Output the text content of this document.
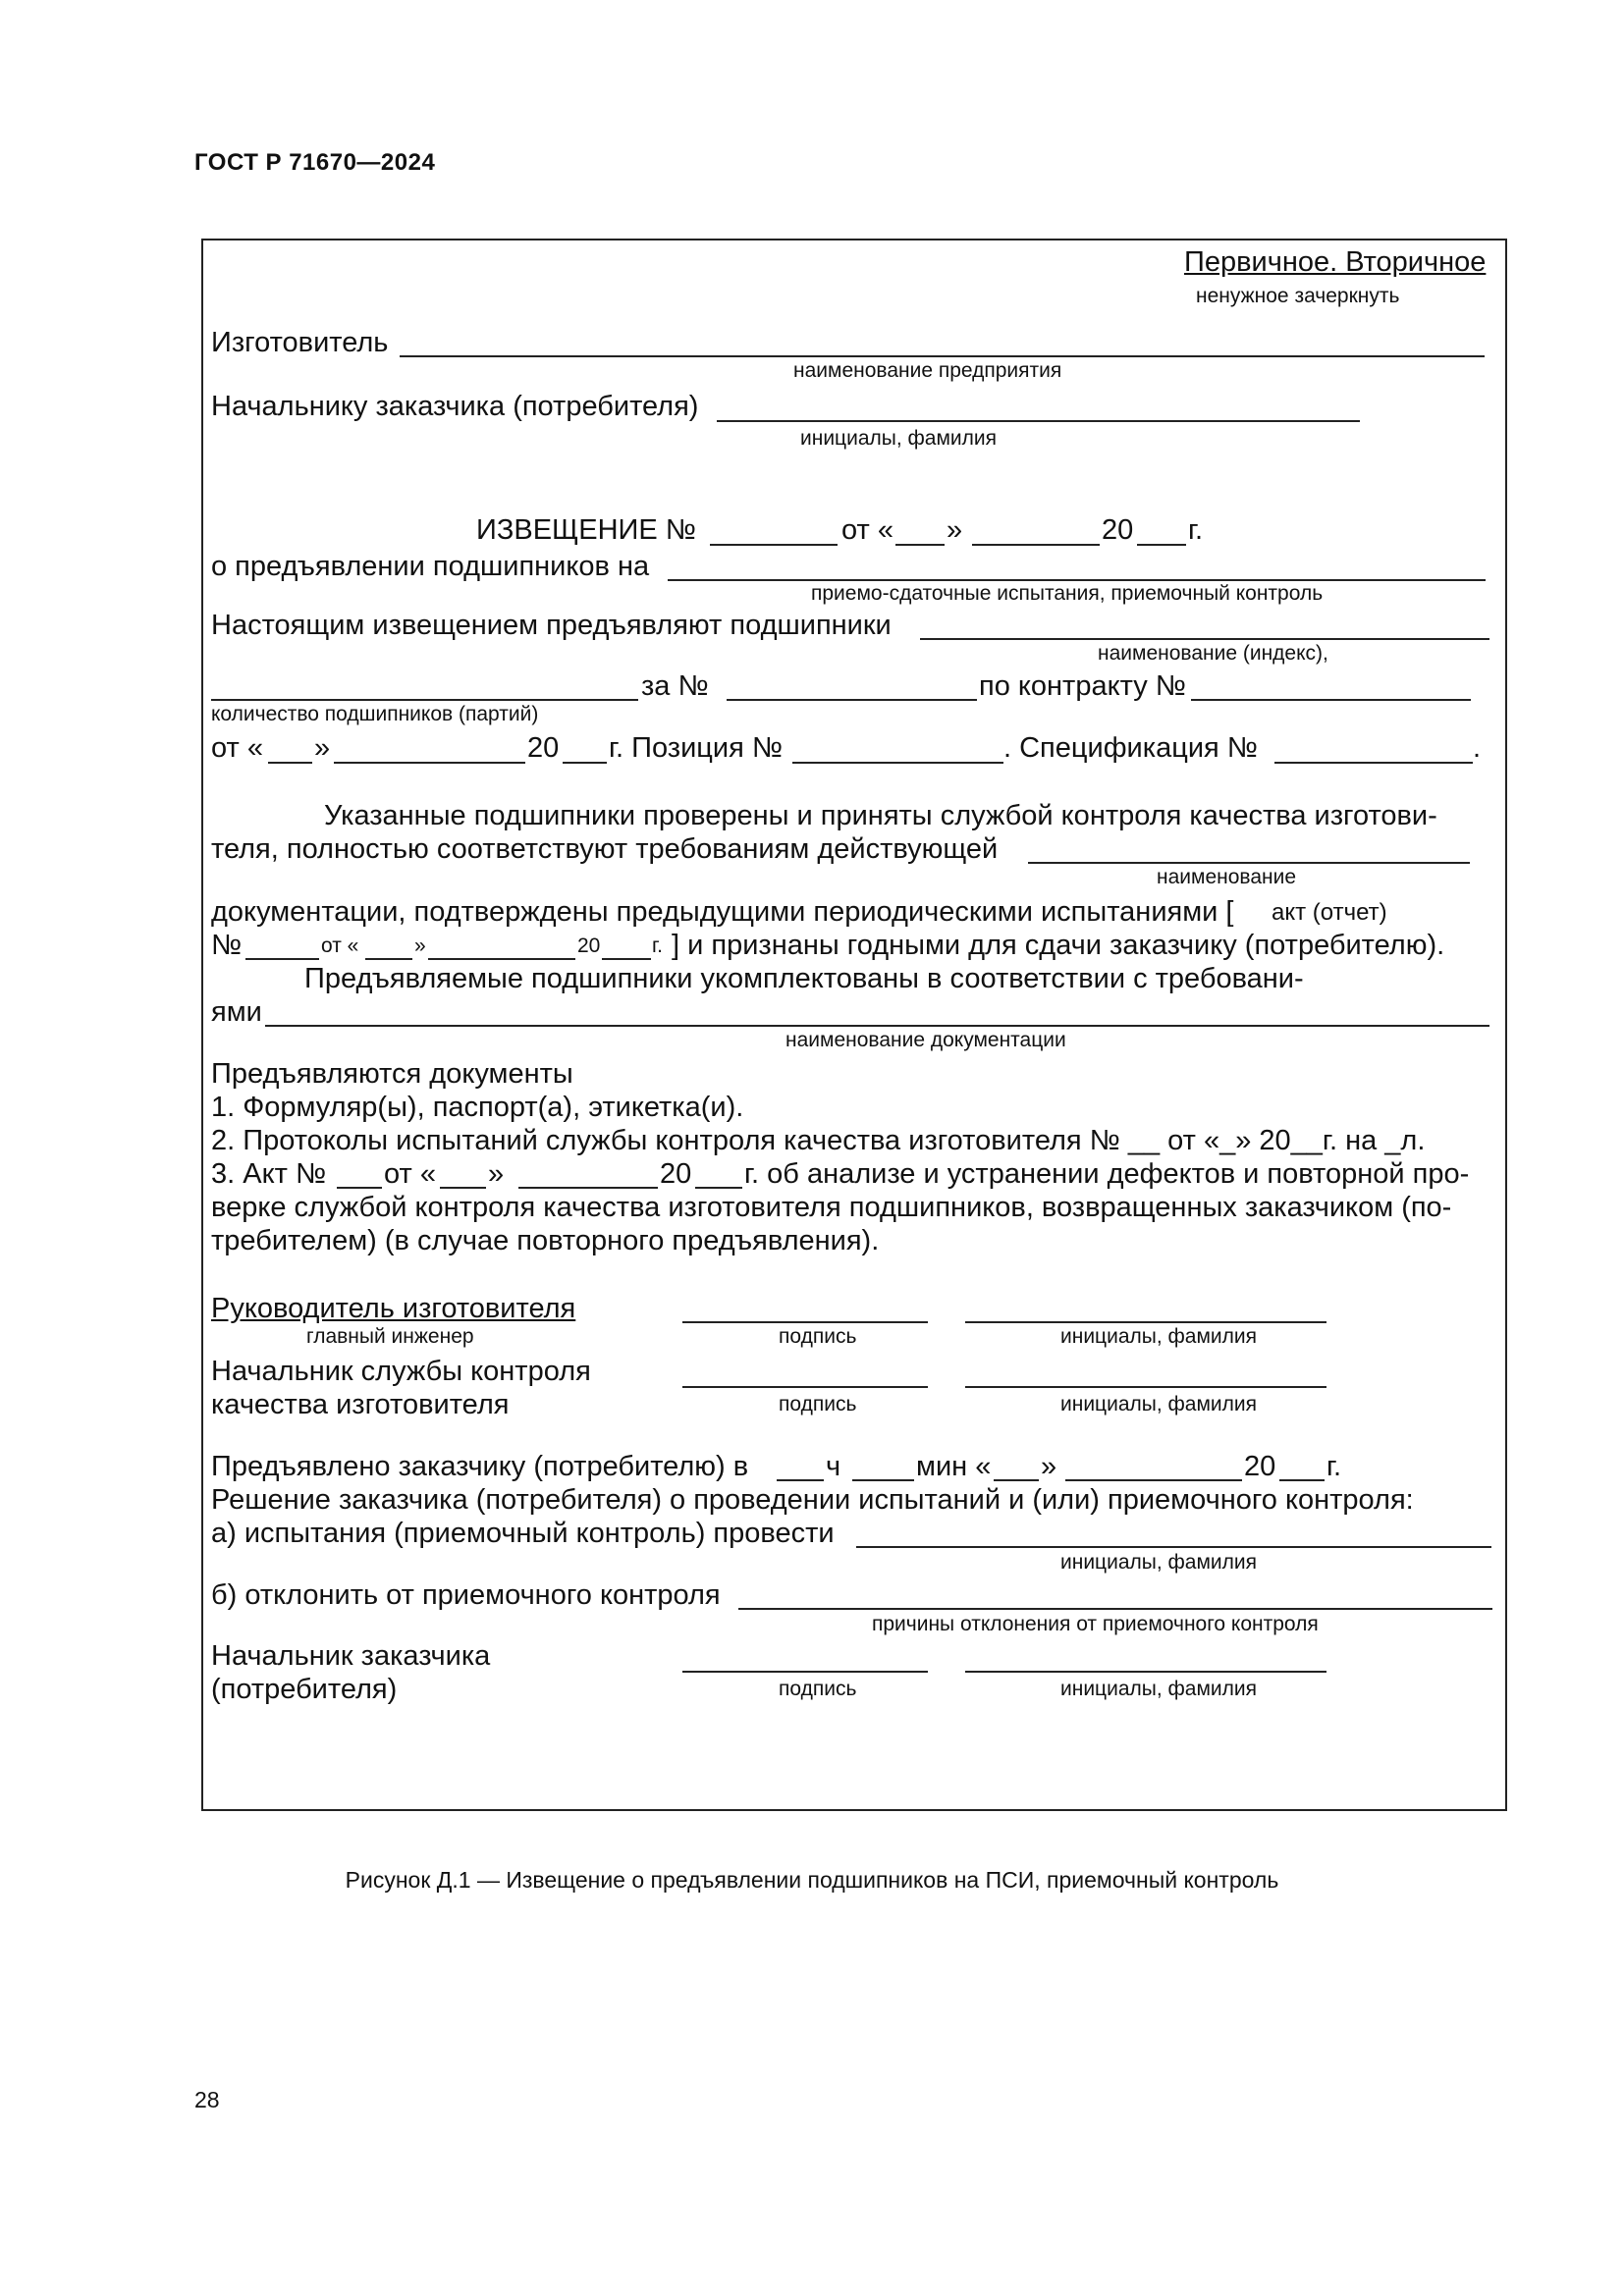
ГОСТ Р 71670—2024
Первичное. Вторичное
ненужное зачеркнуть
Изготовитель
наименование предприятия
Начальнику заказчика (потребителя)
инициалы, фамилия
ИЗВЕЩЕНИЕ №	от « »	20 г.
о предъявлении подшипников на
приемо-сдаточные испытания, приемочный контроль
Настоящим извещением предъявляют подшипники
наименование (индекс),
за №	по контракту №
количество подшипников (партий)
от « »	20 г. Позиция №	. Спецификация №	.
Указанные подшипники проверены и приняты службой контроля качества изготови-
теля, полностью соответствуют требованиям действующей
наименование
документации, подтверждены предыдущими периодическими испытаниями [ акт (отчет)
№	от «	»	20	г. ] и признаны годными для сдачи заказчику (потребителю).
Предъявляемые подшипники укомплектованы в соответствии с требовани-
ями
наименование документации
Предъявляются документы
1. Формуляр(ы), паспорт(а), этикетка(и).
2. Протоколы испытаний службы контроля качества изготовителя № __ от «_» 20__г. на _л.
3. Акт № от « »	20 г. об анализе и устранении дефектов и повторной про-
верке службой контроля качества изготовителя подшипников, возвращенных заказчиком (по-
требителем) (в случае повторного предъявления).
Руководитель изготовителя
главный инженер	подпись	инициалы, фамилия
Начальник службы контроля
качества изготовителя	подпись	инициалы, фамилия
Предъявлено заказчику (потребителю) в	ч	мин « »	20 г.
Решение заказчика (потребителя) о проведении испытаний и (или) приемочного контроля:
а) испытания (приемочный контроль) провести
инициалы, фамилия
б) отклонить от приемочного контроля
причины отклонения от приемочного контроля
Начальник заказчика
(потребителя)	подпись	инициалы, фамилия
Рисунок Д.1 — Извещение о предъявлении подшипников на ПСИ, приемочный контроль
28
